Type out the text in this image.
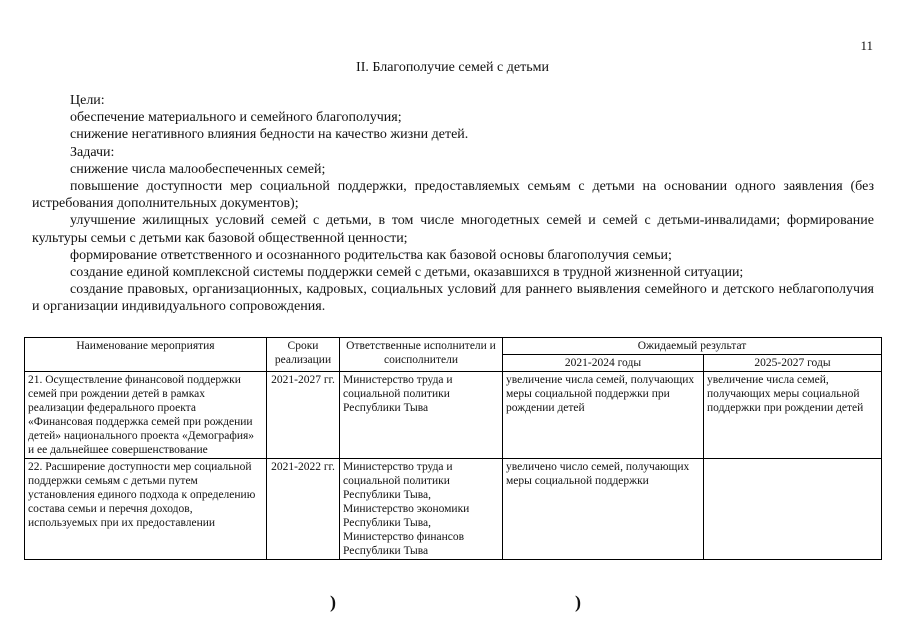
11
II. Благополучие семей с детьми

Цели:

обеспечение материального и семейного благополучия;

снижение негативного влияния бедности на качество жизни детей.

Задачи:

снижение числа малообеспеченных семей;

повышение доступности мер социальной поддержки, предоставляемых семьям с детьми на основании одного заявления (без истребования дополнительных документов);

улучшение жилищных условий семей с детьми, в том числе многодетных семей и семей с детьми-инвалидами; формирование культуры семьи с детьми как базовой общественной ценности;

формирование ответственного и осознанного родительства как базовой основы благополучия семьи;

создание единой комплексной системы поддержки семей с детьми, оказавшихся в трудной жизненной ситуации;

создание правовых, организационных, кадровых, социальных условий для раннего выявления семейного и детского неблагополучия и организации индивидуального сопровождения.

Наименование мероприятия	Сроки реализации	Ответственные исполнители и соисполнители	Ожидаемый результат	
			2021-2024 годы	2025-2027 годы
21. Осуществление финансовой поддержки семей при рождении детей в рамках реализации федерального проекта «Финансовая поддержка семей при рождении детей» национального проекта «Демография» и ее дальнейшее совершенствование	2021-2027 гг.	Министерство труда и социальной политики Республики Тыва	увеличение числа семей, получающих меры социальной поддержки при рождении детей	увеличение числа семей, получающих меры социальной поддержки при рождении детей
22. Расширение доступности мер социальной поддержки семьям с детьми путем установления единого подхода к определению состава семьи и перечня доходов, используемых при их предоставлении	2021-2022 гг.	Министерство труда и социальной политики Республики Тыва, Министерство экономики Республики Тыва, Министерство финансов Республики Тыва	увеличено число семей, получающих меры социальной поддержки	
)	)
